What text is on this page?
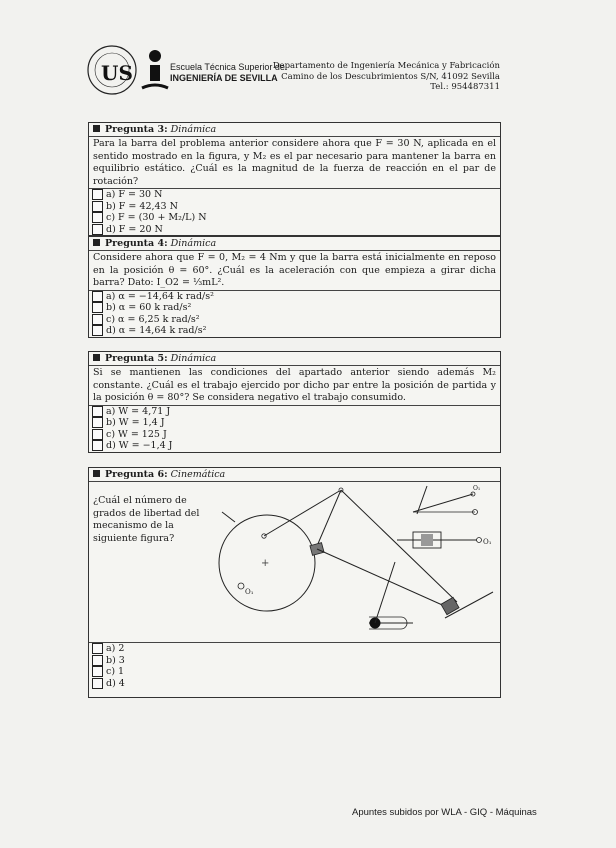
US	Escuela Técnica Superior de
INGENIERÍA DE SEVILLA
Departamento de Ingeniería Mecánica y Fabricación
Camino de los Descubrimientos S/N, 41092 Sevilla
Tel.: 954487311
Pregunta 3: Dinámica
Para la barra del problema anterior considere ahora que F = 30 N, aplicada en el sentido mostrado en la figura, y M₂ es el par necesario para mantener la barra en equilibrio estático. ¿Cuál es la magnitud de la fuerza de reacción en el par de rotación?
a) F = 30 N
b) F = 42,43 N
c) F = (30 + M₂/L) N
d) F = 20 N
Pregunta 4: Dinámica
Considere ahora que F = 0, M₂ = 4 Nm y que la barra está inicialmente en reposo en la posición θ = 60°. ¿Cuál es la aceleración con que empieza a girar dicha barra? Dato: I_O2 = ⅓mL².
a) α = −14,64 k rad/s²
b) α = 60 k rad/s²
c) α = 6,25 k rad/s²
d) α = 14,64 k rad/s²
Pregunta 5: Dinámica
Si se mantienen las condiciones del apartado anterior siendo además M₂ constante. ¿Cuál es el trabajo ejercido por dicho par entre la posición de partida y la posición θ = 80°? Se considera negativo el trabajo consumido.
a) W = 4,71 J
b) W = 1,4 J
c) W = 125 J
d) W = −1,4 J
Pregunta 6: Cinemática
¿Cuál el número de grados de libertad del mecanismo de la siguiente figura?
+
O₁
O₁
O₁
a) 2
b) 3
c) 1
d) 4
Apuntes subidos por WLA - GIQ - Máquinas
